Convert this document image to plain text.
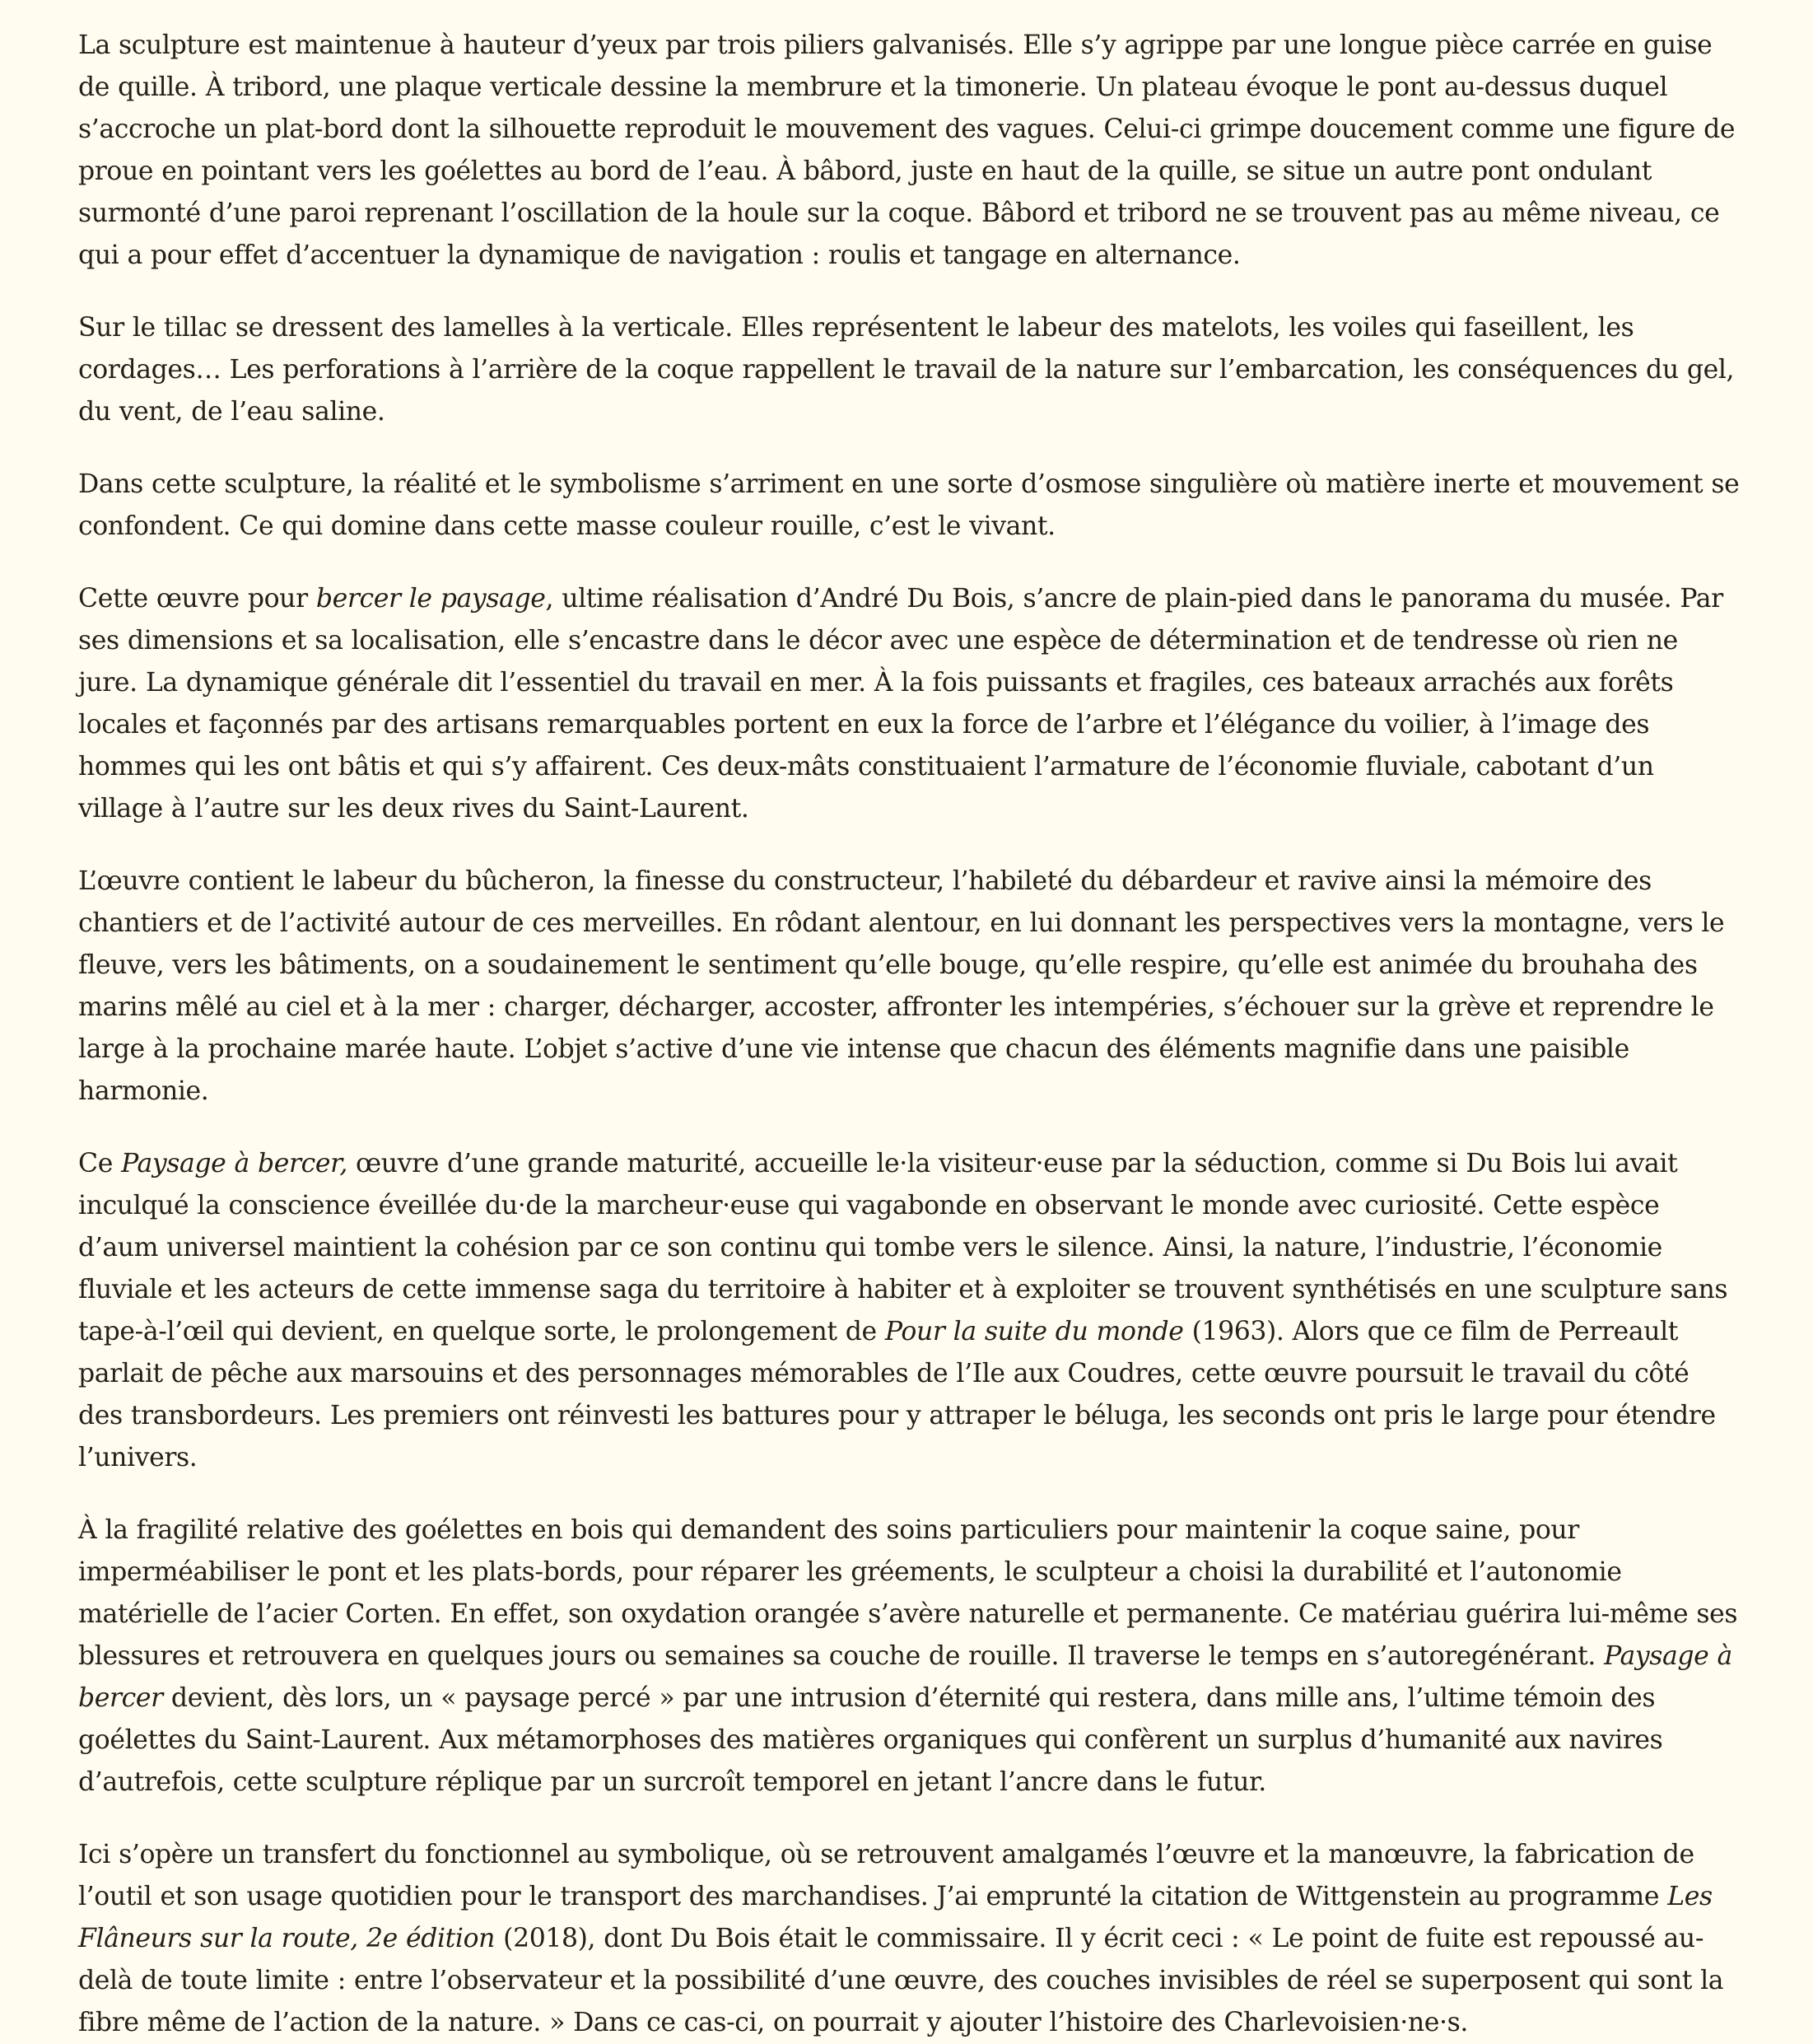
La sculpture est maintenue à hauteur d’yeux par trois piliers galvanisés. Elle s’y agrippe par une longue pièce carrée en guise de quille. À tribord, une plaque verticale dessine la membrure et la timonerie. Un plateau évoque le pont au-dessus duquel s’accroche un plat-bord dont la silhouette reproduit le mouvement des vagues. Celui-ci grimpe doucement comme une figure de proue en pointant vers les goélettes au bord de l’eau. À bâbord, juste en haut de la quille, se situe un autre pont ondulant surmonté d’une paroi reprenant l’oscillation de la houle sur la coque. Bâbord et tribord ne se trouvent pas au même niveau, ce qui a pour effet d’accentuer la dynamique de navigation : roulis et tangage en alternance.

Sur le tillac se dressent des lamelles à la verticale. Elles représentent le labeur des matelots, les voiles qui faseillent, les cordages… Les perforations à l’arrière de la coque rappellent le travail de la nature sur l’embarcation, les conséquences du gel, du vent, de l’eau saline.

Dans cette sculpture, la réalité et le symbolisme s’arriment en une sorte d’osmose singulière où matière inerte et mouvement se confondent. Ce qui domine dans cette masse couleur rouille, c’est le vivant.

Cette œuvre pour bercer le paysage, ultime réalisation d’André Du Bois, s’ancre de plain-pied dans le panorama du musée. Par ses dimensions et sa localisation, elle s’encastre dans le décor avec une espèce de détermination et de tendresse où rien ne jure. La dynamique générale dit l’essentiel du travail en mer. À la fois puissants et fragiles, ces bateaux arrachés aux forêts locales et façonnés par des artisans remarquables portent en eux la force de l’arbre et l’élégance du voilier, à l’image des hommes qui les ont bâtis et qui s’y affairent. Ces deux-mâts constituaient l’armature de l’économie fluviale, cabotant d’un village à l’autre sur les deux rives du Saint-Laurent.

L’œuvre contient le labeur du bûcheron, la finesse du constructeur, l’habileté du débardeur et ravive ainsi la mémoire des chantiers et de l’activité autour de ces merveilles. En rôdant alentour, en lui donnant les perspectives vers la montagne, vers le fleuve, vers les bâtiments, on a soudainement le sentiment qu’elle bouge, qu’elle respire, qu’elle est animée du brouhaha des marins mêlé au ciel et à la mer : charger, décharger, accoster, affronter les intempéries, s’échouer sur la grève et reprendre le large à la prochaine marée haute. L’objet s’active d’une vie intense que chacun des éléments magnifie dans une paisible harmonie.

Ce Paysage à bercer, œuvre d’une grande maturité, accueille le·la visiteur·euse par la séduction, comme si Du Bois lui avait inculqué la conscience éveillée du·de la marcheur·euse qui vagabonde en observant le monde avec curiosité. Cette espèce d’aum universel maintient la cohésion par ce son continu qui tombe vers le silence. Ainsi, la nature, l’industrie, l’économie fluviale et les acteurs de cette immense saga du territoire à habiter et à exploiter se trouvent synthétisés en une sculpture sans tape-à-l’œil qui devient, en quelque sorte, le prolongement de Pour la suite du monde (1963). Alors que ce film de Perreault parlait de pêche aux marsouins et des personnages mémorables de l’Ile aux Coudres, cette œuvre poursuit le travail du côté des transbordeurs. Les premiers ont réinvesti les battures pour y attraper le béluga, les seconds ont pris le large pour étendre l’univers.

À la fragilité relative des goélettes en bois qui demandent des soins particuliers pour maintenir la coque saine, pour imperméabiliser le pont et les plats-bords, pour réparer les gréements, le sculpteur a choisi la durabilité et l’autonomie matérielle de l’acier Corten. En effet, son oxydation orangée s’avère naturelle et permanente. Ce matériau guérira lui-même ses blessures et retrouvera en quelques jours ou semaines sa couche de rouille. Il traverse le temps en s’autoregénérant. Paysage à bercer devient, dès lors, un « paysage percé » par une intrusion d’éternité qui restera, dans mille ans, l’ultime témoin des goélettes du Saint-Laurent. Aux métamorphoses des matières organiques qui confèrent un surplus d’humanité aux navires d’autrefois, cette sculpture réplique par un surcroît temporel en jetant l’ancre dans le futur.

Ici s’opère un transfert du fonctionnel au symbolique, où se retrouvent amalgamés l’œuvre et la manœuvre, la fabrication de l’outil et son usage quotidien pour le transport des marchandises. J’ai emprunté la citation de Wittgenstein au programme Les Flâneurs sur la route, 2e édition (2018), dont Du Bois était le commissaire. Il y écrit ceci : « Le point de fuite est repoussé au-delà de toute limite : entre l’observateur et la possibilité d’une œuvre, des couches invisibles de réel se superposent qui sont la fibre même de l’action de la nature. » Dans ce cas-ci, on pourrait y ajouter l’histoire des Charlevoisien·ne·s.
